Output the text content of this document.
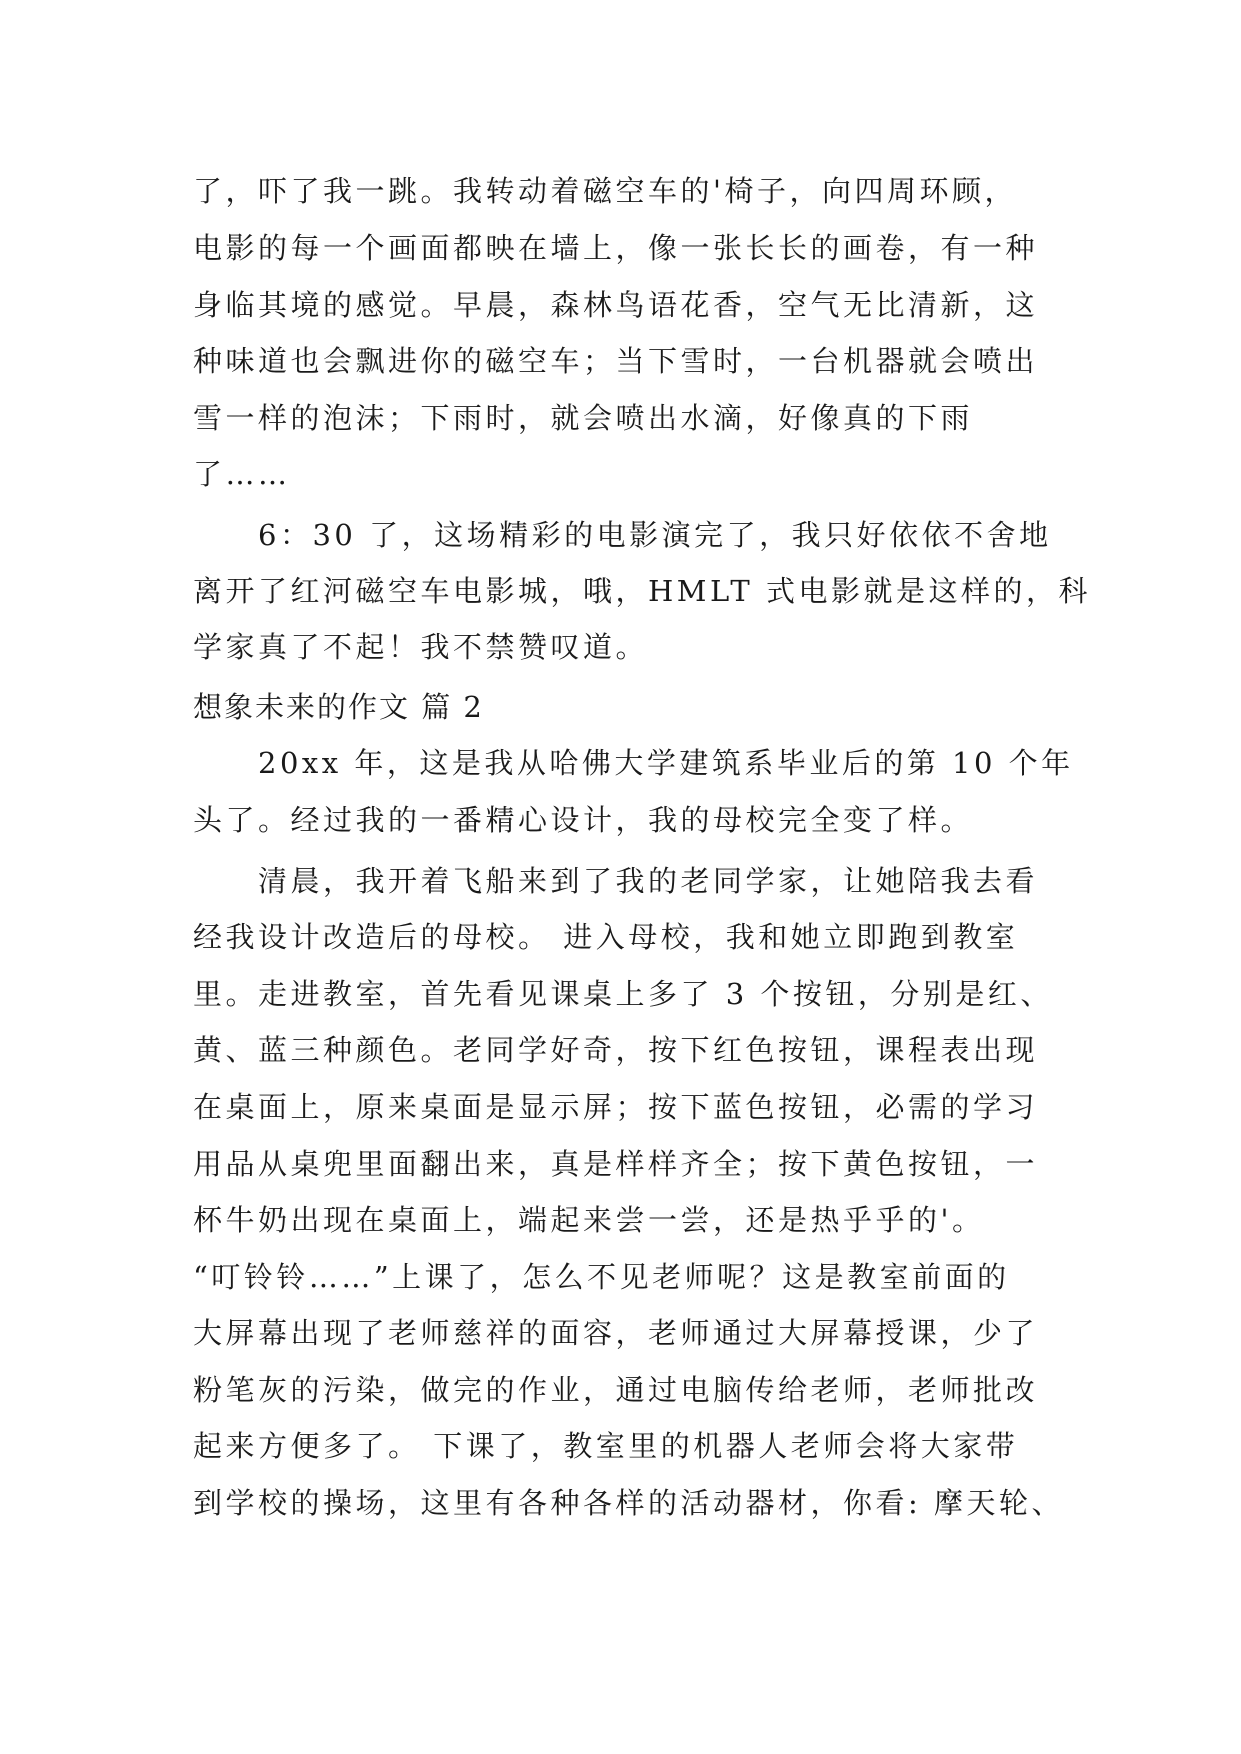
了，吓了我一跳。我转动着磁空车的'椅子，向四周环顾，
电影的每一个画面都映在墙上，像一张长长的画卷，有一种
身临其境的感觉。早晨，森林鸟语花香，空气无比清新，这
种味道也会飘进你的磁空车；当下雪时，一台机器就会喷出
雪一样的泡沫；下雨时，就会喷出水滴，好像真的下雨
了……
　　6：30 了，这场精彩的电影演完了，我只好依依不舍地
离开了红河磁空车电影城，哦，HMLT 式电影就是这样的，科
学家真了不起！我不禁赞叹道。
想象未来的作文 篇 2
　　20xx 年，这是我从哈佛大学建筑系毕业后的第 10 个年
头了。经过我的一番精心设计，我的母校完全变了样。
　　清晨，我开着飞船来到了我的老同学家，让她陪我去看
经我设计改造后的母校。 进入母校，我和她立即跑到教室
里。走进教室，首先看见课桌上多了 3 个按钮，分别是红、
黄、蓝三种颜色。老同学好奇，按下红色按钮，课程表出现
在桌面上，原来桌面是显示屏；按下蓝色按钮，必需的学习
用品从桌兜里面翻出来，真是样样齐全；按下黄色按钮，一
杯牛奶出现在桌面上，端起来尝一尝，还是热乎乎的'。
“叮铃铃……”上课了，怎么不见老师呢？这是教室前面的
大屏幕出现了老师慈祥的面容，老师通过大屏幕授课，少了
粉笔灰的污染，做完的作业，通过电脑传给老师，老师批改
起来方便多了。 下课了，教室里的机器人老师会将大家带
到学校的操场，这里有各种各样的活动器材，你看: 摩天轮、
